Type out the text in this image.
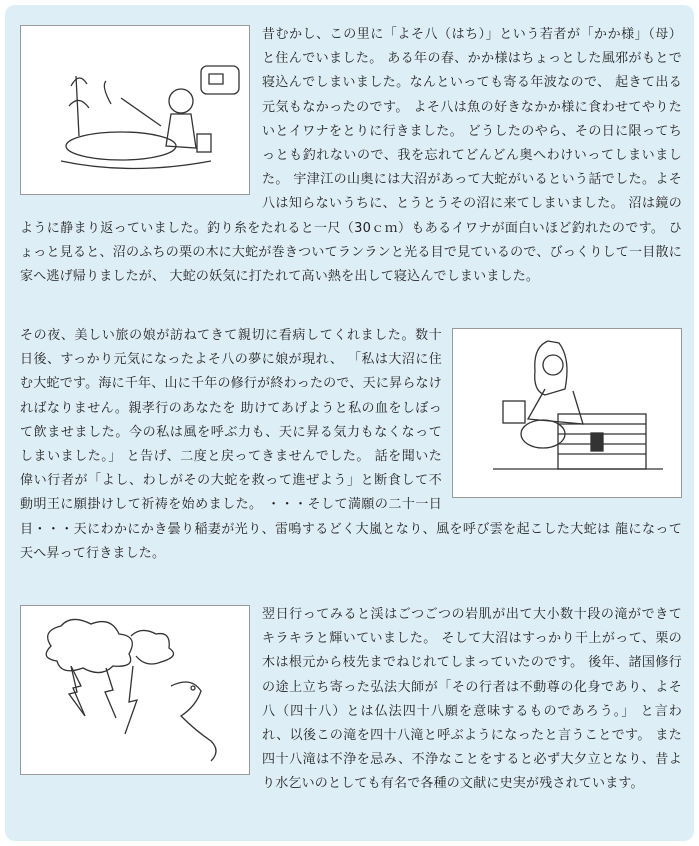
昔むかし、この里に「よそ八（はち）」という若者が「かか様」（母）と住んでいました。 ある年の春、かか様はちょっとした風邪がもとで寝込んでしまいました。なんといっても寄る年波なので、 起きて出る元気もなかったのです。 よそ八は魚の好きなかか様に食わせてやりたいとイワナをとりに行きました。 どうしたのやら、その日に限ってちっとも釣れないので、我を忘れてどんどん奥へわけいってしまいました。 宇津江の山奥には大沼があって大蛇がいるという話でした。よそ八は知らないうちに、とうとうその沼に来てしまいました。 沼は鏡のように静まり返っていました。釣り糸をたれると一尺（30ｃｍ）もあるイワナが面白いほど釣れたのです。 ひょっと見ると、沼のふちの栗の木に大蛇が巻きついてランランと光る目で見ているので、びっくりして一目散に家へ逃げ帰りましたが、 大蛇の妖気に打たれて高い熱を出して寝込んでしまいました。

その夜、美しい旅の娘が訪ねてきて親切に看病してくれました。数十日後、すっかり元気になったよそ八の夢に娘が現れ、 「私は大沼に住む大蛇です。海に千年、山に千年の修行が終わったので、天に昇らなければなりません。親孝行のあなたを 助けてあげようと私の血をしぼって飲ませました。今の私は風を呼ぶ力も、天に昇る気力もなくなってしまいました。」 と告げ、二度と戻ってきませんでした。 話を聞いた偉い行者が「よし、わしがその大蛇を救って進ぜよう」と断食して不動明王に願掛けして祈祷を始めました。 ・・・そして満願の二十一日目・・・天にわかにかき曇り稲妻が光り、雷鳴するどく大嵐となり、風を呼び雲を起こした大蛇は 龍になって天へ昇って行きました。

翌日行ってみると渓はごつごつの岩肌が出て大小数十段の滝ができてキラキラと輝いていました。 そして大沼はすっかり干上がって、栗の木は根元から枝先までねじれてしまっていたのです。 後年、諸国修行の途上立ち寄った弘法大師が「その行者は不動尊の化身であり、よそ八（四十八）とは仏法四十八願を意味するものであろう。」 と言われ、以後この滝を四十八滝と呼ぶようになったと言うことです。 また四十八滝は不浄を忌み、不浄なことをすると必ず大夕立となり、昔より水乞いのとしても有名で各種の文献に史実が残されています。
